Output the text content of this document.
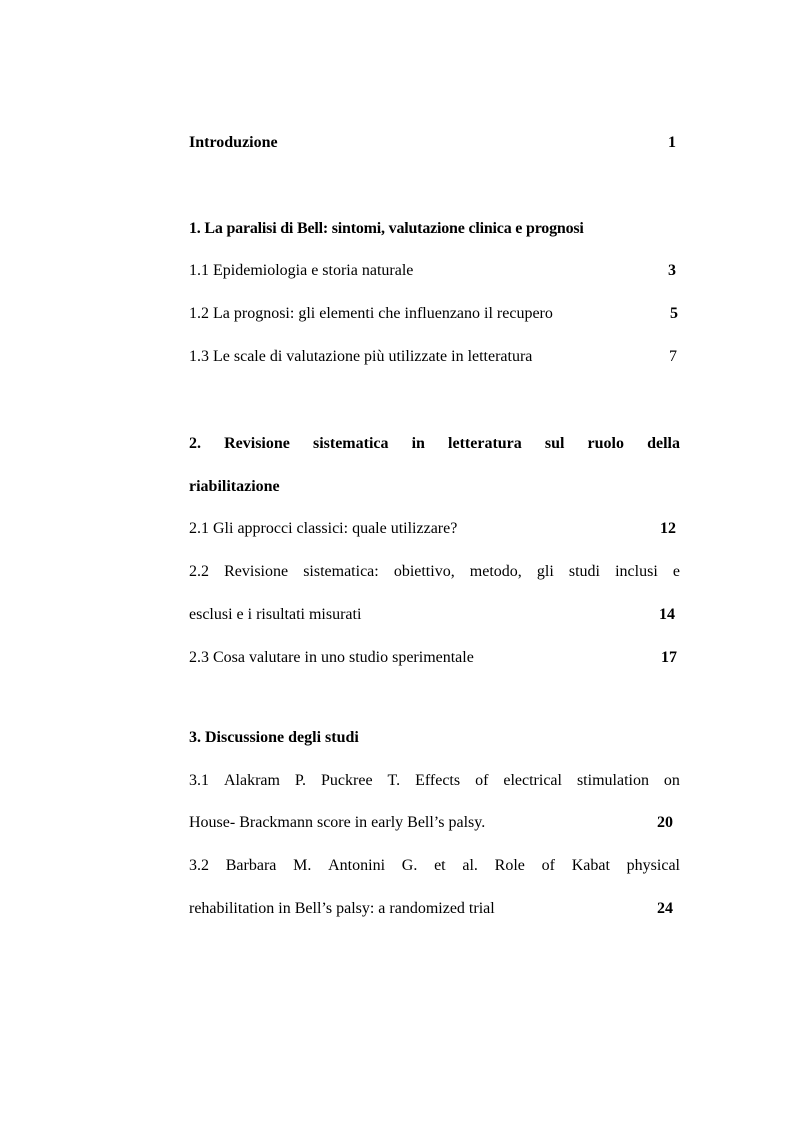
Introduzione	1
1. La paralisi di Bell: sintomi, valutazione clinica e prognosi
1.1 Epidemiologia e storia naturale	3
1.2 La prognosi: gli elementi che influenzano il recupero	5
1.3 Le scale di valutazione più utilizzate in letteratura	7
2. Revisione sistematica in letteratura sul ruolo della
riabilitazione
2.1 Gli approcci classici: quale utilizzare?	12
2.2 Revisione sistematica: obiettivo, metodo, gli studi inclusi e
esclusi e i risultati misurati	14
2.3 Cosa valutare in uno studio sperimentale	17
3. Discussione degli studi
3.1 Alakram P. Puckree T. Effects of electrical stimulation on
House- Brackmann score in early Bell’s palsy.	20
3.2 Barbara M. Antonini G. et al. Role of Kabat physical
rehabilitation in Bell’s palsy: a randomized trial	24
